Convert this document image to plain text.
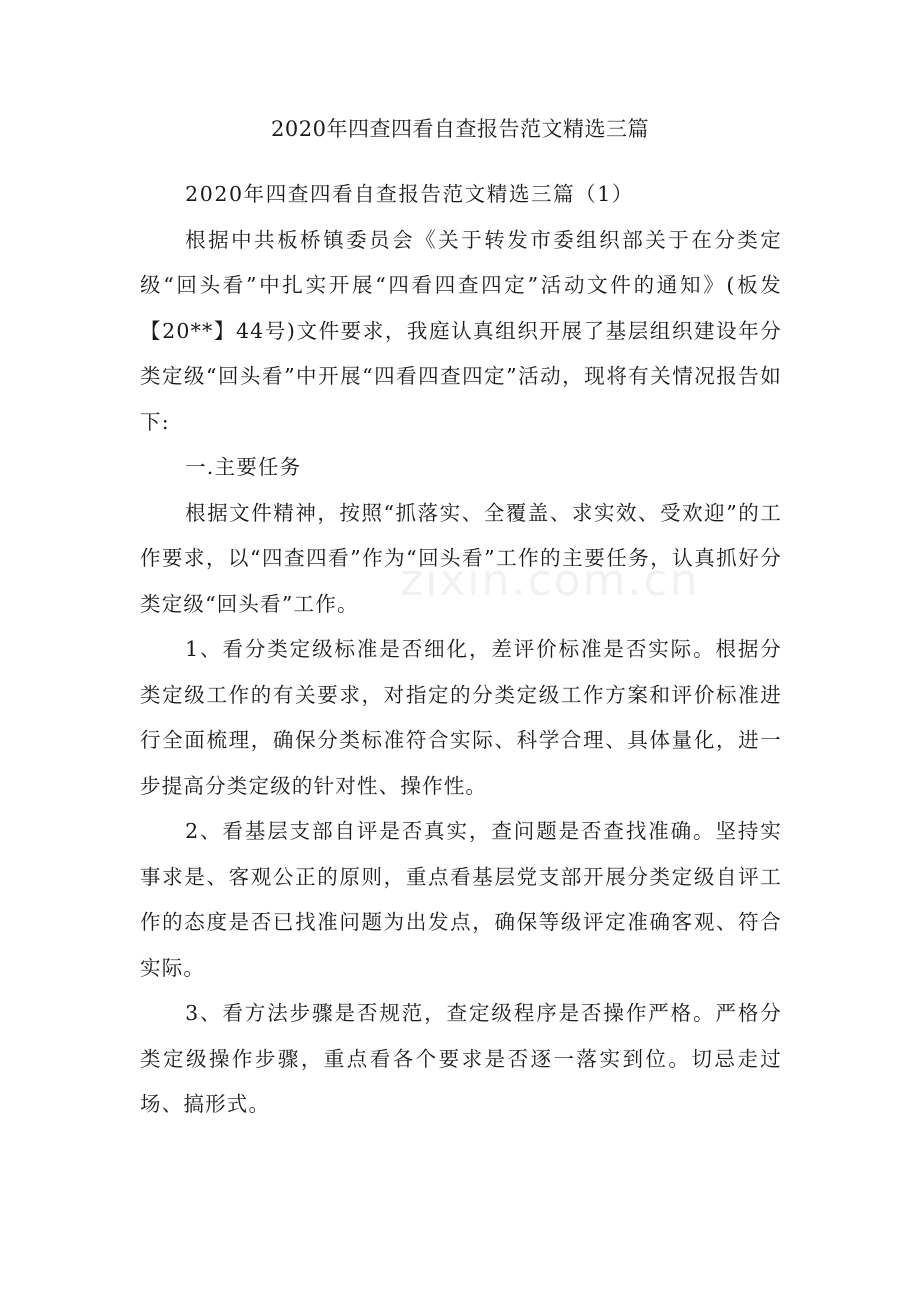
2020年四查四看自查报告范文精选三篇
zixin.com.cn

2020年四查四看自查报告范文精选三篇（1）

根据中共板桥镇委员会《关于转发市委组织部关于在分类定级“回头看”中扎实开展“四看四查四定”活动文件的通知》(板发【20**】44号)文件要求，我庭认真组织开展了基层组织建设年分类定级“回头看”中开展“四看四查四定”活动，现将有关情况报告如下:

一.主要任务

根据文件精神，按照“抓落实、全覆盖、求实效、受欢迎”的工作要求，以“四查四看”作为“回头看”工作的主要任务，认真抓好分类定级“回头看”工作。

1、看分类定级标准是否细化，差评价标准是否实际。根据分类定级工作的有关要求，对指定的分类定级工作方案和评价标准进行全面梳理，确保分类标准符合实际、科学合理、具体量化，进一步提高分类定级的针对性、操作性。

2、看基层支部自评是否真实，查问题是否查找准确。坚持实事求是、客观公正的原则，重点看基层党支部开展分类定级自评工作的态度是否已找准问题为出发点，确保等级评定准确客观、符合实际。

3、看方法步骤是否规范，查定级程序是否操作严格。严格分类定级操作步骤，重点看各个要求是否逐一落实到位。切忌走过场、搞形式。
